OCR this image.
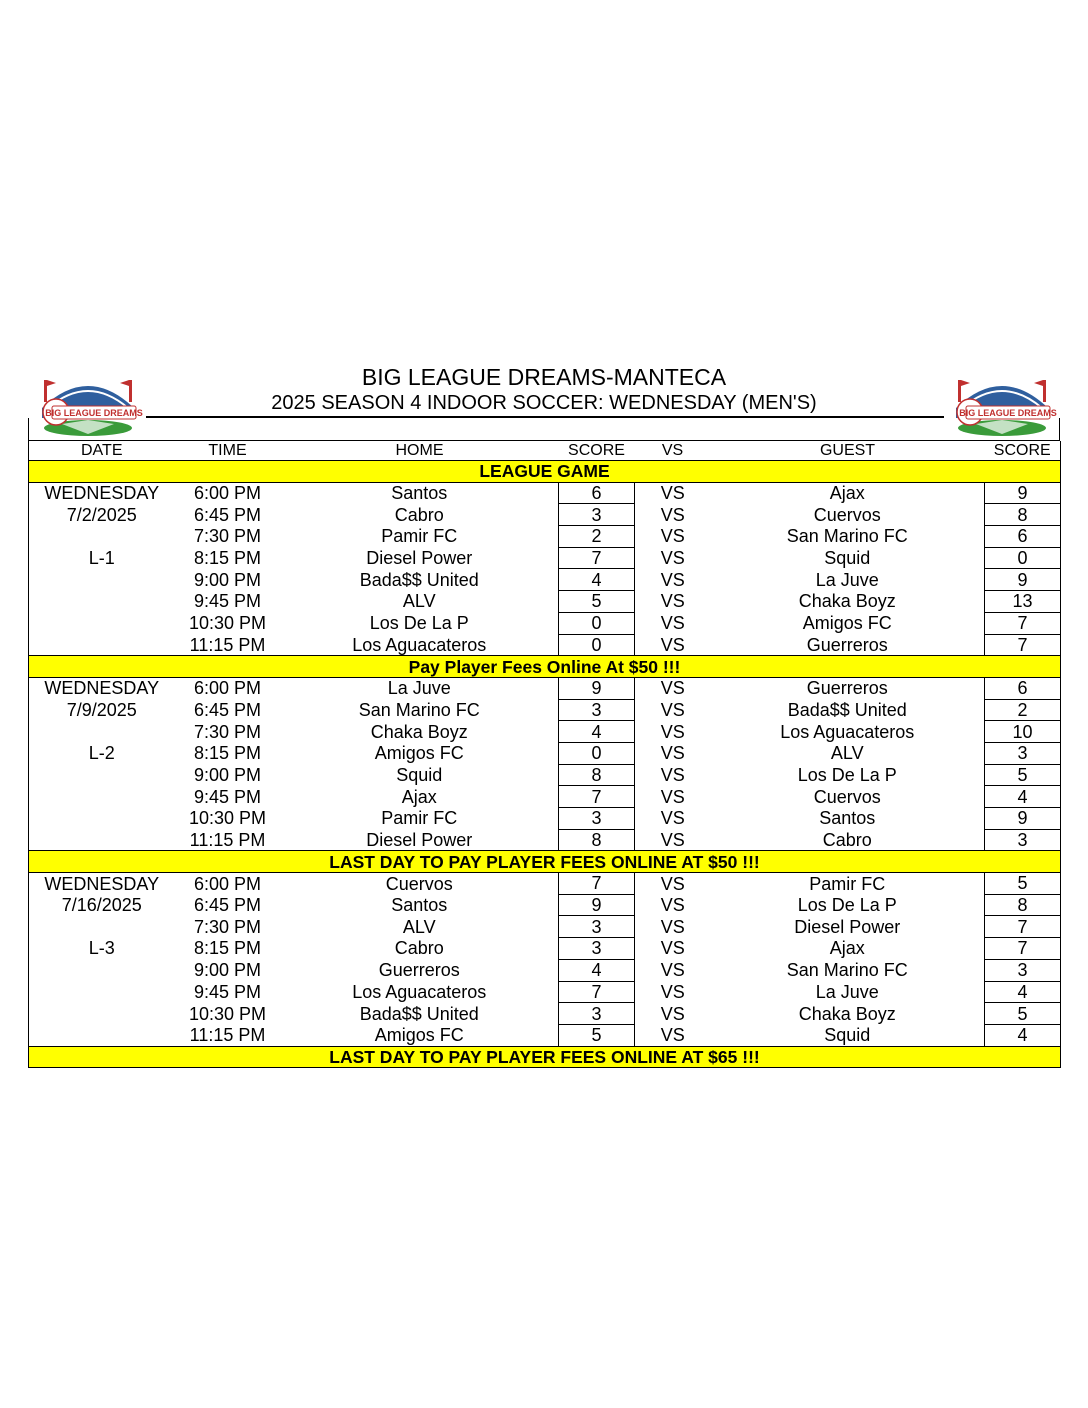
BIG LEAGUE DREAMS	BIG LEAGUE DREAMS
BIG LEAGUE DREAMS-MANTECA
2025 SEASON 4 INDOOR SOCCER: WEDNESDAY (MEN'S)
DATE	TIME	HOME	SCORE	VS	GUEST	SCORE
LEAGUE GAME						
WEDNESDAY	6:00 PM	Santos	6	VS	Ajax	9
7/2/2025	6:45 PM	Cabro	3	VS	Cuervos	8
	7:30 PM	Pamir FC	2	VS	San Marino FC	6
L-1	8:15 PM	Diesel Power	7	VS	Squid	0
	9:00 PM	Bada$$ United	4	VS	La Juve	9
	9:45 PM	ALV	5	VS	Chaka Boyz	13
	10:30 PM	Los De La P	0	VS	Amigos FC	7
	11:15 PM	Los Aguacateros	0	VS	Guerreros	7
Pay Player Fees Online At $50 !!!						
WEDNESDAY	6:00 PM	La Juve	9	VS	Guerreros	6
7/9/2025	6:45 PM	San Marino FC	3	VS	Bada$$ United	2
	7:30 PM	Chaka Boyz	4	VS	Los Aguacateros	10
L-2	8:15 PM	Amigos FC	0	VS	ALV	3
	9:00 PM	Squid	8	VS	Los De La P	5
	9:45 PM	Ajax	7	VS	Cuervos	4
	10:30 PM	Pamir FC	3	VS	Santos	9
	11:15 PM	Diesel Power	8	VS	Cabro	3
LAST DAY TO PAY PLAYER FEES ONLINE AT $50 !!!						
WEDNESDAY	6:00 PM	Cuervos	7	VS	Pamir FC	5
7/16/2025	6:45 PM	Santos	9	VS	Los De La P	8
	7:30 PM	ALV	3	VS	Diesel Power	7
L-3	8:15 PM	Cabro	3	VS	Ajax	7
	9:00 PM	Guerreros	4	VS	San Marino FC	3
	9:45 PM	Los Aguacateros	7	VS	La Juve	4
	10:30 PM	Bada$$ United	3	VS	Chaka Boyz	5
	11:15 PM	Amigos FC	5	VS	Squid	4
LAST DAY TO PAY PLAYER FEES ONLINE AT $65 !!!						
